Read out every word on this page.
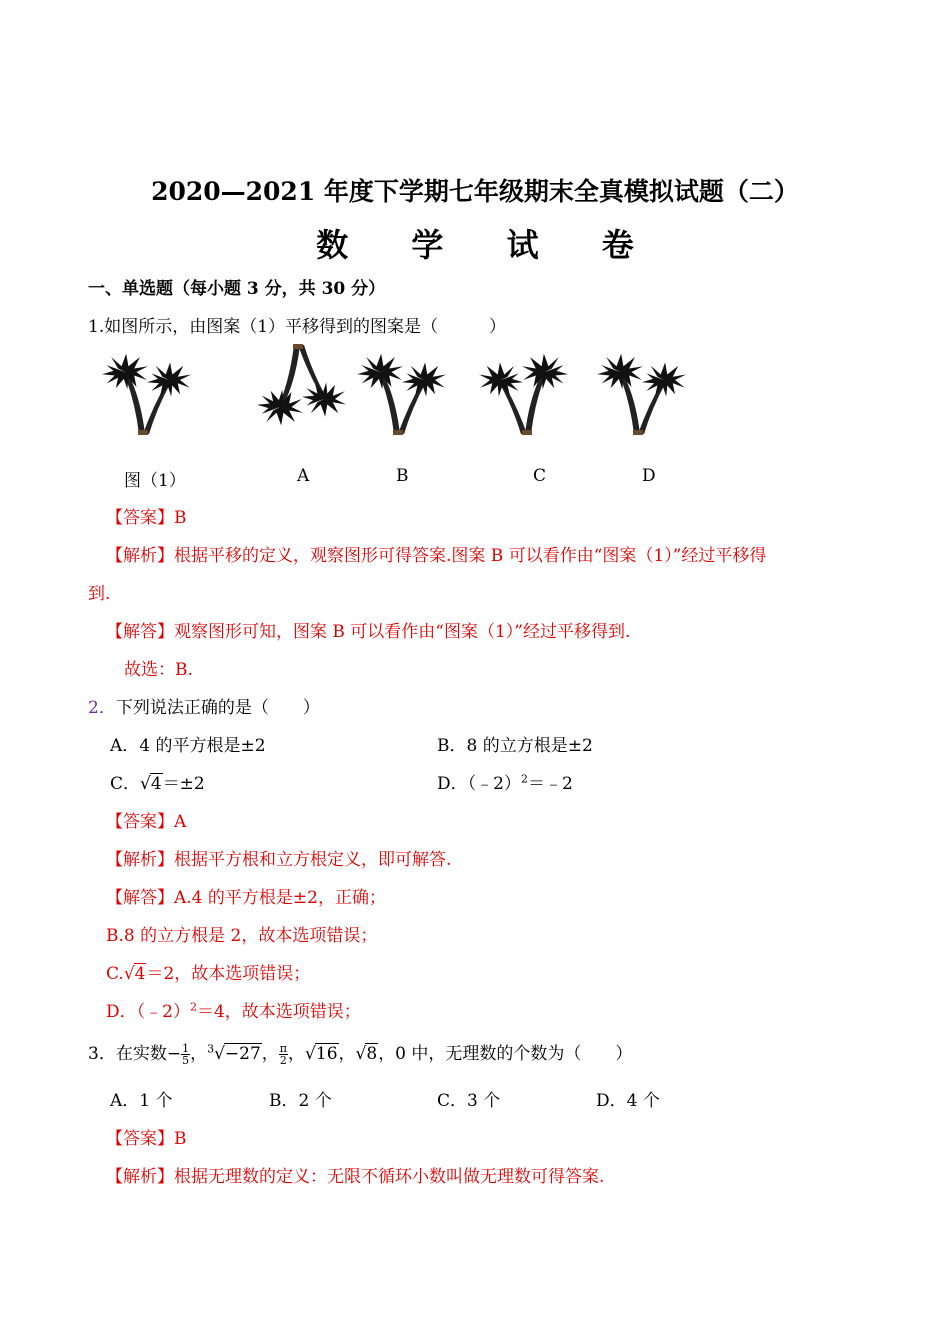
2020—2021 年度下学期七年级期末全真模拟试题（二）
数 学 试 卷
一、单选题（每小题 3 分，共 30 分）
1.如图所示，由图案（1）平移得到的图案是（　　　）
图（1）	A	B	C	D
【答案】B
【解析】根据平移的定义，观察图形可得答案.图案 B 可以看作由“图案（1）”经过平移得
到.
【解答】观察图形可知，图案 B 可以看作由“图案（1）”经过平移得到.
故选：B.
2．下列说法正确的是（　　）
A．4 的平方根是±2	B．8 的立方根是±2
C．√4＝±2	D．（﹣2）$^2$＝﹣2
【答案】A
【解析】根据平方根和立方根定义，即可解答.
【解答】A.4 的平方根是±2，正确；
B.8 的立方根是 2，故本选项错误；
C.√4＝2，故本选项错误；
D．（﹣2）$^2$＝4，故本选项错误；
3．在实数− $\frac{1}{5}$ ，$^3$√−27， $\frac{\pi}{2}$ ，√16，√8，0 中，无理数的个数为（　　）
A．1 个	B．2 个	C．3 个	D．4 个
【答案】B
【解析】根据无理数的定义：无限不循环小数叫做无理数可得答案.
